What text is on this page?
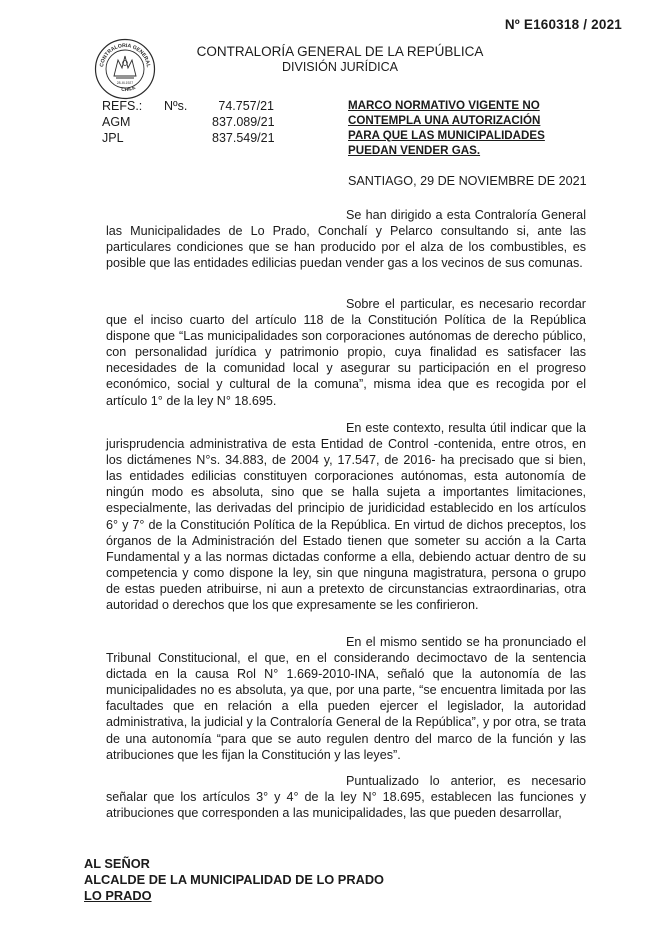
Nº E160318 / 2021
CONTRALORIA GENERAL
CHILE
28-III-1927
CONTRALORÍA GENERAL DE LA REPÚBLICA
DIVISIÓN JURÍDICA
REFS.:	Nºs.	74.757/21
AGM	837.089/21
JPL	837.549/21
MARCO NORMATIVO VIGENTE NO
CONTEMPLA UNA AUTORIZACIÓN
PARA QUE LAS MUNICIPALIDADES
PUEDAN VENDER GAS.
SANTIAGO, 29 DE NOVIEMBRE DE 2021

Se han dirigido a esta Contraloría General las Municipalidades de Lo Prado, Conchalí y Pelarco consultando si, ante las particulares condiciones que se han producido por el alza de los combustibles, es posible que las entidades edilicias puedan vender gas a los vecinos de sus comunas.

Sobre el particular, es necesario recordar que el inciso cuarto del artículo 118 de la Constitución Política de la República dispone que “Las municipalidades son corporaciones autónomas de derecho público, con personalidad jurídica y patrimonio propio, cuya finalidad es satisfacer las necesidades de la comunidad local y asegurar su participación en el progreso económico, social y cultural de la comuna”, misma idea que es recogida por el artículo 1° de la ley N° 18.695.

En este contexto, resulta útil indicar que la jurisprudencia administrativa de esta Entidad de Control -contenida, entre otros, en los dictámenes N°s. 34.883, de 2004 y, 17.547, de 2016- ha precisado que si bien, las entidades edilicias constituyen corporaciones autónomas, esta autonomía de ningún modo es absoluta, sino que se halla sujeta a importantes limitaciones, especialmente, las derivadas del principio de juridicidad establecido en los artículos 6° y 7° de la Constitución Política de la República. En virtud de dichos preceptos, los órganos de la Administración del Estado tienen que someter su acción a la Carta Fundamental y a las normas dictadas conforme a ella, debiendo actuar dentro de su competencia y como dispone la ley, sin que ninguna magistratura, persona o grupo de estas pueden atribuirse, ni aun a pretexto de circunstancias extraordinarias, otra autoridad o derechos que los que expresamente se les confirieron.

En el mismo sentido se ha pronunciado el Tribunal Constitucional, el que, en el considerando decimoctavo de la sentencia dictada en la causa Rol N° 1.669-2010-INA, señaló que la autonomía de las municipalidades no es absoluta, ya que, por una parte, “se encuentra limitada por las facultades que en relación a ella pueden ejercer el legislador, la autoridad administrativa, la judicial y la Contraloría General de la República”, y por otra, se trata de una autonomía “para que se auto regulen dentro del marco de la función y las atribuciones que les fijan la Constitución y las leyes”.

Puntualizado lo anterior, es necesario señalar que los artículos 3° y 4° de la ley N° 18.695, establecen las funciones y atribuciones que corresponden a las municipalidades, las que pueden desarrollar,

AL SEÑOR
ALCALDE DE LA MUNICIPALIDAD DE LO PRADO
LO PRADO
